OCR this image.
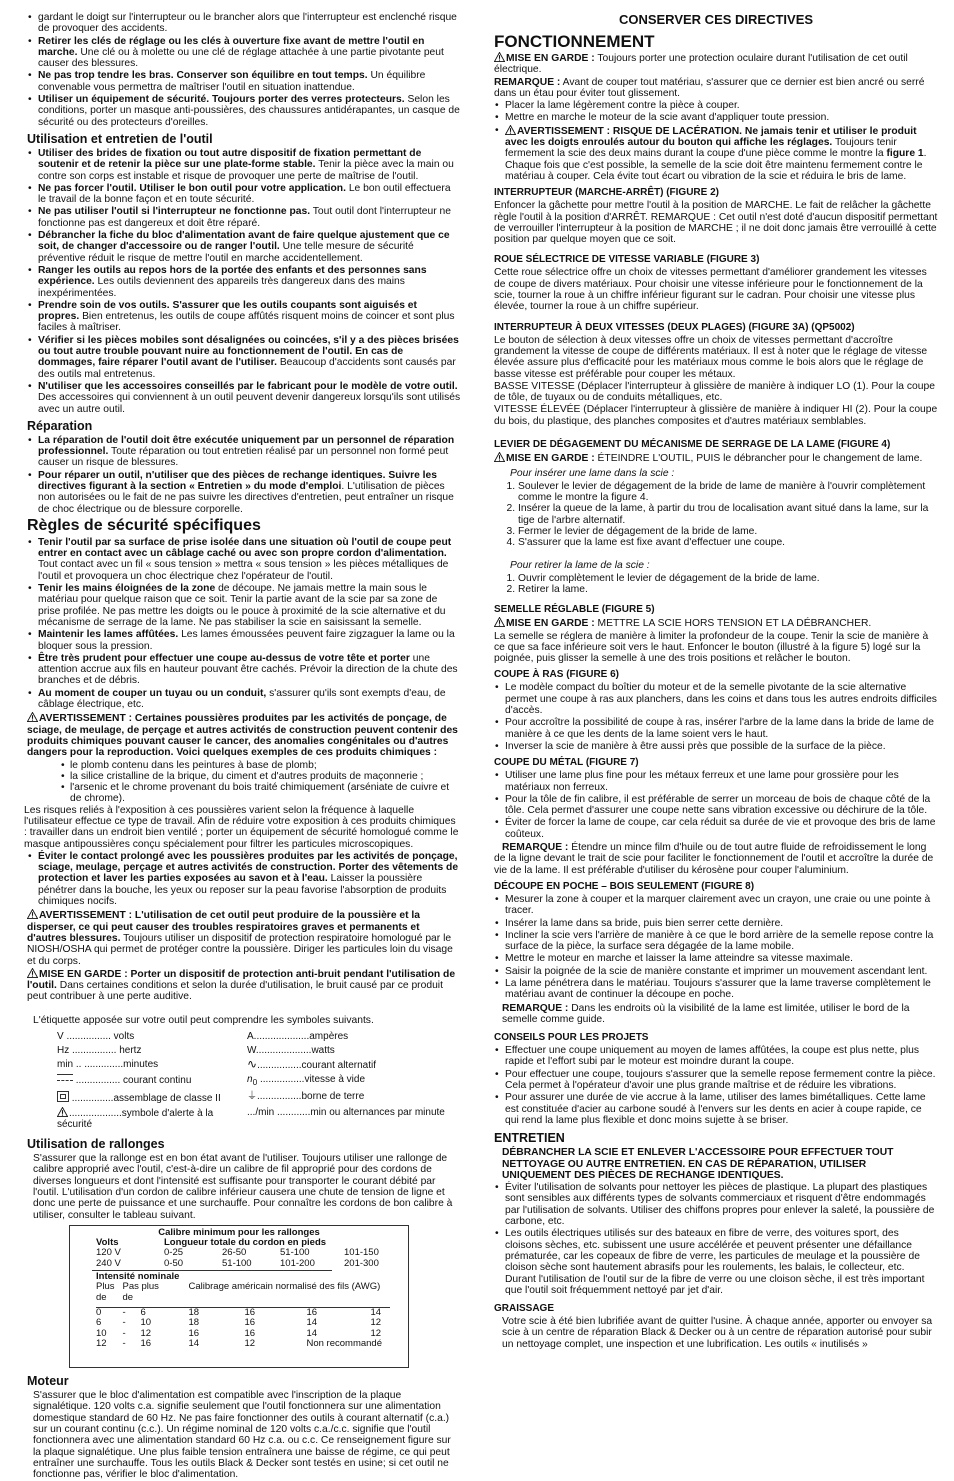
• gardant le doigt sur l'interrupteur ou le brancher alors que l'interrupteur est enclenché risque de provoquer des accidents.
• Retirer les clés de réglage ou les clés à ouverture fixe avant de mettre l'outil en marche. Une clé ou à molette ou une clé de réglage attachée à une partie pivotante peut causer des blessures.
• Ne pas trop tendre les bras. Conserver son équilibre en tout temps. Un équilibre convenable vous permettra de maîtriser l'outil en situation inattendue.
• Utiliser un équipement de sécurité. Toujours porter des verres protecteurs. Selon les conditions, porter un masque anti-poussières, des chaussures antidérapantes, un casque de sécurité ou des protecteurs d'oreilles.
Utilisation et entretien de l'outil
• Utiliser des brides de fixation ou tout autre dispositif de fixation permettant de soutenir et de retenir la pièce sur une plate-forme stable. Tenir la pièce avec la main ou contre son corps est instable et risque de provoquer une perte de maîtrise de l'outil.
• Ne pas forcer l'outil. Utiliser le bon outil pour votre application. Le bon outil effectuera le travail de la bonne façon et en toute sécurité.
• Ne pas utiliser l'outil si l'interrupteur ne fonctionne pas. Tout outil dont l'interrupteur ne fonctionne pas est dangereux et doit être réparé.
• Débrancher la fiche du bloc d'alimentation avant de faire quelque ajustement que ce soit, de changer d'accessoire ou de ranger l'outil. Une telle mesure de sécurité préventive réduit le risque de mettre l'outil en marche accidentellement.
• Ranger les outils au repos hors de la portée des enfants et des personnes sans expérience. Les outils deviennent des appareils très dangereux dans des mains inexpérimentées.
• Prendre soin de vos outils. S'assurer que les outils coupants sont aiguisés et propres. Bien entretenus, les outils de coupe affûtés risquent moins de coincer et sont plus faciles à maîtriser.
• Vérifier si les pièces mobiles sont désalignées ou coincées, s'il y a des pièces brisées ou tout autre trouble pouvant nuire au fonctionnement de l'outil. En cas de dommages, faire réparer l'outil avant de l'utiliser. Beaucoup d'accidents sont causés par des outils mal entretenus.
• N'utiliser que les accessoires conseillés par le fabricant pour le modèle de votre outil. Des accessoires qui conviennent à un outil peuvent devenir dangereux lorsqu'ils sont utilisés avec un autre outil.
Réparation
• La réparation de l'outil doit être exécutée uniquement par un personnel de réparation professionnel. Toute réparation ou tout entretien réalisé par un personnel non formé peut causer un risque de blessures.
• Pour réparer un outil, n'utiliser que des pièces de rechange identiques. Suivre les directives figurant à la section « Entretien » du mode d'emploi. L'utilisation de pièces non autorisées ou le fait de ne pas suivre les directives d'entretien, peut entraîner un risque de choc électrique ou de blessure corporelle.
Règles de sécurité spécifiques
• Tenir l'outil par sa surface de prise isolée dans une situation où l'outil de coupe peut entrer en contact avec un câblage caché ou avec son propre cordon d'alimentation. Tout contact avec un fil « sous tension » mettra « sous tension » les pièces métalliques de l'outil et provoquera un choc électrique chez l'opérateur de l'outil.
• Tenir les mains éloignées de la zone de découpe. Ne jamais mettre la main sous le matériau pour quelque raison que ce soit. Tenir la partie avant de la scie par sa zone de prise profilée. Ne pas mettre les doigts ou le pouce à proximité de la scie alternative et du mécanisme de serrage de la lame. Ne pas stabiliser la scie en saisissant la semelle.
• Maintenir les lames affûtées. Les lames émoussées peuvent faire zigzaguer la lame ou la bloquer sous la pression.
• Être très prudent pour effectuer une coupe au-dessus de votre tête et porter une attention accrue aux fils en hauteur pouvant être cachés. Prévoir la direction de la chute des branches et de débris.
• Au moment de couper un tuyau ou un conduit, s'assurer qu'ils sont exempts d'eau, de câblage électrique, etc.

AVERTISSEMENT : Certaines poussières produites par les activités de ponçage, de sciage, de meulage, de perçage et autres activités de construction peuvent contenir des produits chimiques pouvant causer le cancer, des anomalies congénitales ou d'autres dangers pour la reproduction. Voici quelques exemples de ces produits chimiques :

• le plomb contenu dans les peintures à base de plomb;
• la silice cristalline de la brique, du ciment et d'autres produits de maçonnerie ;
• l'arsenic et le chrome provenant du bois traité chimiquement (arséniate de cuivre et de chrome).

Les risques reliés à l'exposition à ces poussières varient selon la fréquence à laquelle l'utilisateur effectue ce type de travail. Afin de réduire votre exposition à ces produits chimiques : travailler dans un endroit bien ventilé ; porter un équipement de sécurité homologué comme le masque antipoussières conçu spécialement pour filtrer les particules microscopiques.

• Éviter le contact prolongé avec les poussières produites par les activités de ponçage, sciage, meulage, perçage et autres activités de construction. Porter des vêtements de protection et laver les parties exposées au savon et à l'eau. Laisser la poussière pénétrer dans la bouche, les yeux ou reposer sur la peau favorise l'absorption de produits chimiques nocifs.

AVERTISSEMENT : L'utilisation de cet outil peut produire de la poussière et la disperser, ce qui peut causer des troubles respiratoires graves et permanents et d'autres blessures. Toujours utiliser un dispositif de protection respiratoire homologué par le NIOSH/OSHA qui permet de protéger contre la poussière. Diriger les particules loin du visage et du corps.

MISE EN GARDE : Porter un dispositif de protection anti-bruit pendant l'utilisation de l'outil. Dans certaines conditions et selon la durée d'utilisation, le bruit causé par ce produit peut contribuer à une perte auditive.

L'étiquette apposée sur votre outil peut comprendre les symboles suivants.

V ................ volts	A....................ampères
Hz ................ hertz	W....................watts
min .. ..............minutes	∿................courant alternatif
................ courant continu	$n_0$ ................vitesse à vide
...............assemblage de classe II	⏚................borne de terre
...................symbole d'alerte à la sécurité	.../min ............min ou alternances par minute
Utilisation de rallonges

S'assurer que la rallonge est en bon état avant de l'utiliser. Toujours utiliser une rallonge de calibre approprié avec l'outil, c'est-à-dire un calibre de fil approprié pour des cordons de diverses longueurs et dont l'intensité est suffisante pour transporter le courant débité par l'outil. L'utilisation d'un cordon de calibre inférieur causera une chute de tension de ligne et donc une perte de puissance et une surchauffe. Pour connaître les cordons de bon calibre à utiliser, consulter le tableau suivant.

Calibre minimum pour les rallonges
Volts	Longueur totale du cordon en pieds			
120 V	0-25	26-50	51-100	101-150
240 V	0-50	51-100	101-200	201-300
Intensité nominale
Plus	Pas plus		Calibrage américain normalisé des fils (AWG)			
de	de					

0	-	6	18	16	16	14
6	-	10	18	16	14	12
10	-	12	16	16	14	12
12	-	16	14	12	Non recommandé	
Moteur

S'assurer que le bloc d'alimentation est compatible avec l'inscription de la plaque signalétique. 120 volts c.a. signifie seulement que l'outil fonctionnera sur une alimentation domestique standard de 60 Hz. Ne pas faire fonctionner des outils à courant alternatif (c.a.) sur un courant continu (c.c.). Un régime nominal de 120 volts c.a./c.c. signifie que l'outil fonctionnera avec une alimentation standard 60 Hz c.a. ou c.c. Ce renseignement figure sur la plaque signalétique. Une plus faible tension entraînera une baisse de régime, ce qui peut entraîner une surchauffe. Tous les outils Black & Decker sont testés en usine; si cet outil ne fonctionne pas, vérifier le bloc d'alimentation.

CONSERVER CES DIRECTIVES
FONCTIONNEMENT

MISE EN GARDE : Toujours porter une protection oculaire durant l'utilisation de cet outil électrique.

REMARQUE : Avant de couper tout matériau, s'assurer que ce dernier est bien ancré ou serré dans un étau pour éviter tout glissement.

• Placer la lame légèrement contre la pièce à couper.
• Mettre en marche le moteur de la scie avant d'appliquer toute pression.
• AVERTISSEMENT : RISQUE DE LACÉRATION. Ne jamais tenir et utiliser le produit avec les doigts enroulés autour du bouton qui affiche les réglages. Toujours tenir fermement la scie des deux mains durant la coupe d'une pièce comme le montre la figure 1. Chaque fois que c'est possible, la semelle de la scie doit être maintenu fermement contre le matériau à couper. Cela évite tout écart ou vibration de la scie et réduira le bris de lame.
INTERRUPTEUR (MARCHE-ARRÊT) (FIGURE 2)

Enfoncer la gâchette pour mettre l'outil à la position de MARCHE. Le fait de relâcher la gâchette règle l'outil à la position d'ARRÊT. REMARQUE : Cet outil n'est doté d'aucun dispositif permettant de verrouiller l'interrupteur à la position de MARCHE ; il ne doit donc jamais être verrouillé à cette position par quelque moyen que ce soit.

ROUE SÉLECTRICE DE VITESSE VARIABLE (FIGURE 3)

Cette roue sélectrice offre un choix de vitesses permettant d'améliorer grandement les vitesses de coupe de divers matériaux. Pour choisir une vitesse inférieure pour le fonctionnement de la scie, tourner la roue à un chiffre inférieur figurant sur le cadran. Pour choisir une vitesse plus élevée, tourner la roue à un chiffre supérieur.

INTERRUPTEUR À DEUX VITESSES (DEUX PLAGES) (FIGURE 3A) (QP5002)

Le bouton de sélection à deux vitesses offre un choix de vitesses permettant d'accroître grandement la vitesse de coupe de différents matériaux. Il est à noter que le réglage de vitesse élevée assure plus d'efficacité pour les matériaux mous comme le bois alors que le réglage de basse vitesse est préférable pour couper les métaux.

BASSE VITESSE (Déplacer l'interrupteur à glissière de manière à indiquer LO (1). Pour la coupe de tôle, de tuyaux ou de conduits métalliques, etc.

VITESSE ÉLEVÉE (Déplacer l'interrupteur à glissière de manière à indiquer HI (2). Pour la coupe du bois, du plastique, des planches composites et d'autres matériaux semblables.

LEVIER DE DÉGAGEMENT DU MÉCANISME DE SERRAGE DE LA LAME (FIGURE 4)

MISE EN GARDE : ÉTEINDRE L'OUTIL, PUIS le débrancher pour le changement de lame.

Pour insérer une lame dans la scie :

1. Soulever le levier de dégagement de la bride de lame de manière à l'ouvrir complètement comme le montre la figure 4.
2. Insérer la queue de la lame, à partir du trou de localisation avant situé dans la lame, sur la tige de l'arbre alternatif.
3. Fermer le levier de dégagement de la bride de lame.
4. S'assurer que la lame est fixe avant d'effectuer une coupe.

Pour retirer la lame de la scie :

1. Ouvrir complètement le levier de dégagement de la bride de lame.
2. Retirer la lame.
SEMELLE RÉGLABLE (FIGURE 5)

MISE EN GARDE : METTRE LA SCIE HORS TENSION ET LA DÉBRANCHER.

La semelle se réglera de manière à limiter la profondeur de la coupe. Tenir la scie de manière à ce que sa face inférieure soit vers le haut. Enfoncer le bouton (illustré à la figure 5) logé sur la poignée, puis glisser la semelle à une des trois positions et relâcher le bouton.

COUPE À RAS (FIGURE 6)
• Le modèle compact du boîtier du moteur et de la semelle pivotante de la scie alternative permet une coupe à ras aux planchers, dans les coins et dans tous les autres endroits difficiles d'accès.
• Pour accroître la possibilité de coupe à ras, insérer l'arbre de la lame dans la bride de lame de manière à ce que les dents de la lame soient vers le haut.
• Inverser la scie de manière à être aussi près que possible de la surface de la pièce.
COUPE DU MÉTAL (FIGURE 7)
• Utiliser une lame plus fine pour les métaux ferreux et une lame pour grossière pour les matériaux non ferreux.
• Pour la tôle de fin calibre, il est préférable de serrer un morceau de bois de chaque côté de la tôle. Cela permet d'assurer une coupe nette sans vibration excessive ou déchirure de la tôle.
• Éviter de forcer la lame de coupe, car cela réduit sa durée de vie et provoque des bris de lame coûteux.

REMARQUE : Étendre un mince film d'huile ou de tout autre fluide de refroidissement le long de la ligne devant le trait de scie pour faciliter le fonctionnement de l'outil et accroître la durée de vie de la lame. Il est préférable d'utiliser du kérosène pour couper l'aluminium.

DÉCOUPE EN POCHE – BOIS SEULEMENT (FIGURE 8)
• Mesurer la zone à couper et la marquer clairement avec un crayon, une craie ou une pointe à tracer.
• Insérer la lame dans sa bride, puis bien serrer cette dernière.
• Incliner la scie vers l'arrière de manière à ce que le bord arrière de la semelle repose contre la surface de la pièce, la surface sera dégagée de la lame mobile.
• Mettre le moteur en marche et laisser la lame atteindre sa vitesse maximale.
• Saisir la poignée de la scie de manière constante et imprimer un mouvement ascendant lent.
• La lame pénétrera dans le matériau. Toujours s'assurer que la lame traverse complètement le matériau avant de continuer la découpe en poche.

REMARQUE : Dans les endroits où la visibilité de la lame est limitée, utiliser le bord de la semelle comme guide.

CONSEILS POUR LES PROJETS
• Effectuer une coupe uniquement au moyen de lames affûtées, la coupe est plus nette, plus rapide et l'effort subi par le moteur est moindre durant la coupe.
• Pour effectuer une coupe, toujours s'assurer que la semelle repose fermement contre la pièce. Cela permet à l'opérateur d'avoir une plus grande maîtrise et de réduire les vibrations.
• Pour assurer une durée de vie accrue à la lame, utiliser des lames bimétalliques. Cette lame est constituée d'acier au carbone soudé à l'envers sur les dents en acier à coupe rapide, ce qui rend la lame plus flexible et donc moins sujette à se briser.
ENTRETIEN

DÉBRANCHER LA SCIE ET ENLEVER L'ACCESSOIRE POUR EFFECTUER TOUT NETTOYAGE OU AUTRE ENTRETIEN. EN CAS DE RÉPARATION, UTILISER UNIQUEMENT DES PIÈCES DE RECHANGE IDENTIQUES.

• Éviter l'utilisation de solvants pour nettoyer les pièces de plastique. La plupart des plastiques sont sensibles aux différents types de solvants commerciaux et risquent d'être endommagés par l'utilisation de solvants. Utiliser des chiffons propres pour enlever la saleté, la poussière de carbone, etc.
• Les outils électriques utilisés sur des bateaux en fibre de verre, des voitures sport, des cloisons sèches, etc. subissent une usure accélérée et peuvent présenter une défaillance prématurée, car les copeaux de fibre de verre, les particules de meulage et la poussière de cloison sèche sont hautement abrasifs pour les roulements, les balais, le collecteur, etc. Durant l'utilisation de l'outil sur de la fibre de verre ou une cloison sèche, il est très important que l'outil soit fréquemment nettoyé par jet d'air.
GRAISSAGE

Votre scie à été bien lubrifiée avant de quitter l'usine. À chaque année, apporter ou envoyer sa scie à un centre de réparation Black & Decker ou à un centre de réparation autorisé pour subir un nettoyage complet, une inspection et une lubrification. Les outils « inutilisés »
